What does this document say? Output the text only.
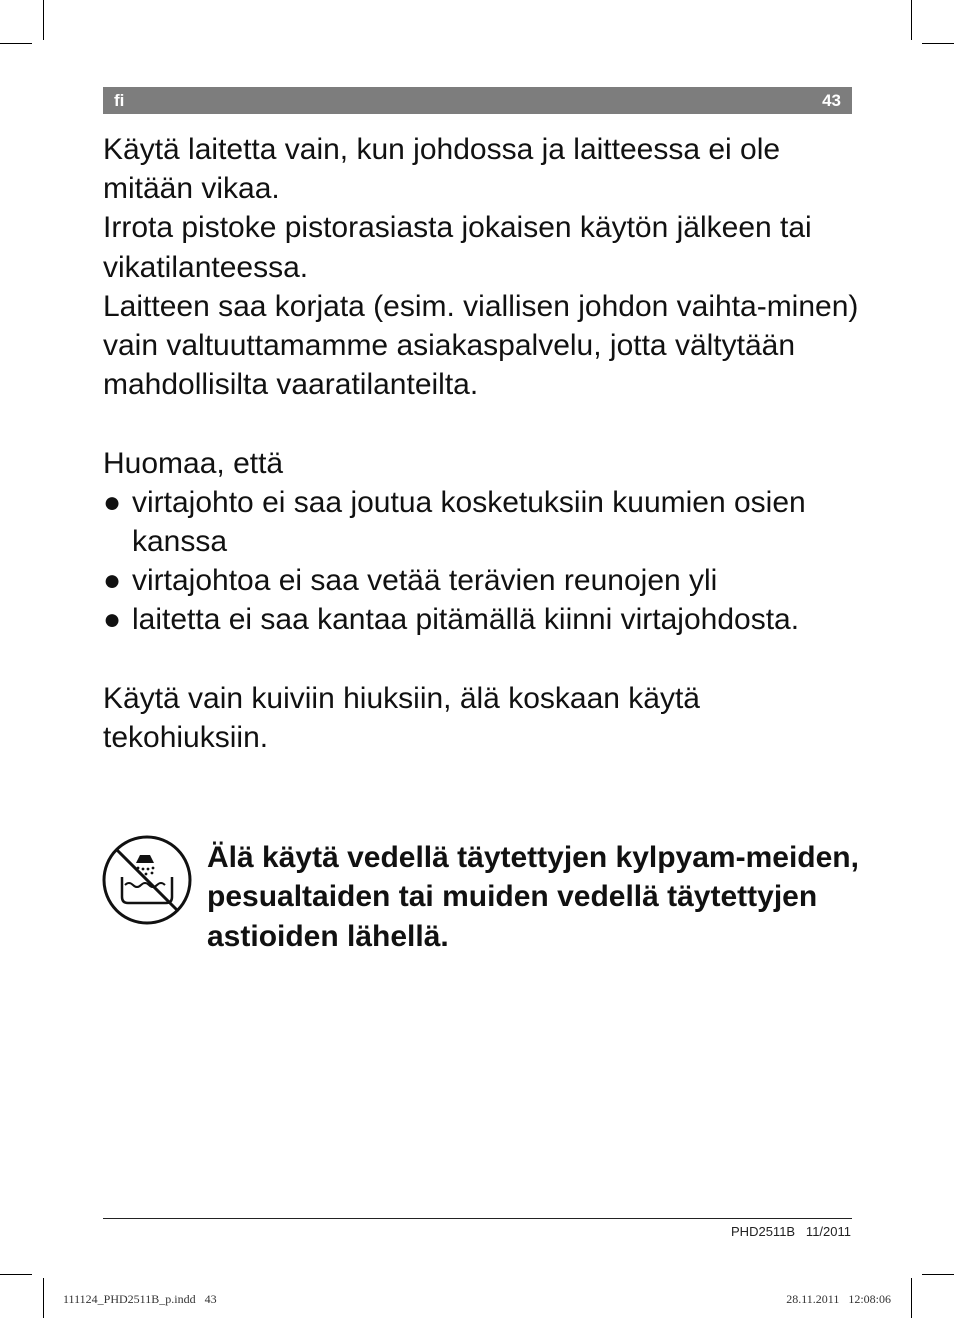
fi	43

Käytä laitetta vain, kun johdossa ja laitteessa ei ole mitään vikaa.

Irrota pistoke pistorasiasta jokaisen käytön jälkeen tai vikatilanteessa.

Laitteen saa korjata (esim. viallisen johdon vaihta-minen) vain valtuuttamamme asiakaspalvelu, jotta vältytään mahdollisilta vaaratilanteilta.

Huomaa, että

● virtajohto ei saa joutua kosketuksiin kuumien osien kanssa
● virtajohtoa ei saa vetää terävien reunojen yli
● laitetta ei saa kantaa pitämällä kiinni virtajohdosta.

Käytä vain kuiviin hiuksiin, älä koskaan käytä tekohiuksiin.

Älä käytä vedellä täytettyjen kylpyam-meiden, pesualtaiden tai muiden vedellä täytettyjen astioiden lähellä.
PHD2511B   11/2011
111124_PHD2511B_p.indd   43	28.11.2011   12:08:06
